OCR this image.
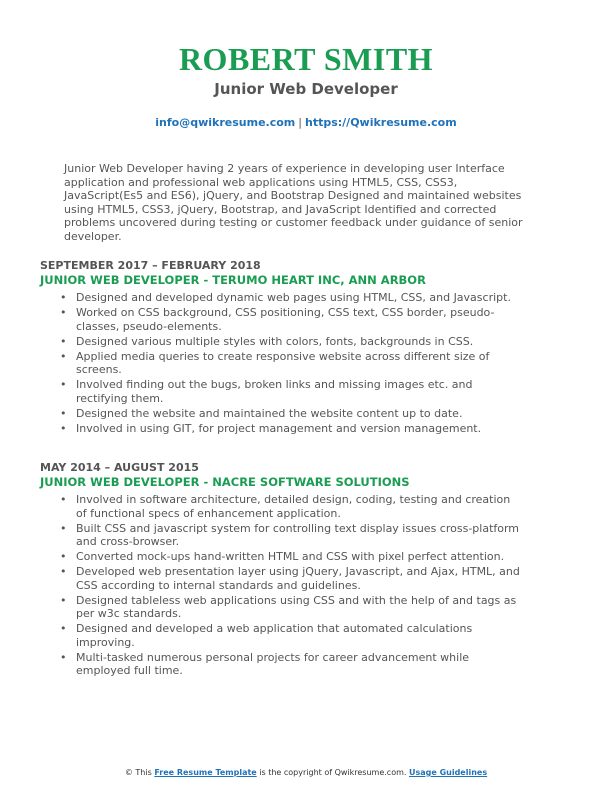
ROBERT SMITH
Junior Web Developer
info@qwikresume.com | https://Qwikresume.com
Junior Web Developer having 2 years of experience in developing user Interface application and professional web applications using HTML5, CSS, CSS3, JavaScript(Es5 and ES6), jQuery, and Bootstrap Designed and maintained websites using HTML5, CSS3, jQuery, Bootstrap, and JavaScript Identified and corrected problems uncovered during testing or customer feedback under guidance of senior developer.
SEPTEMBER 2017 – FEBRUARY 2018
JUNIOR WEB DEVELOPER - TERUMO HEART INC, ANN ARBOR
• Designed and developed dynamic web pages using HTML, CSS, and Javascript.
• Worked on CSS background, CSS positioning, CSS text, CSS border, pseudo-classes, pseudo-elements.
• Designed various multiple styles with colors, fonts, backgrounds in CSS.
• Applied media queries to create responsive website across different size of screens.
• Involved finding out the bugs, broken links and missing images etc. and rectifying them.
• Designed the website and maintained the website content up to date.
• Involved in using GIT, for project management and version management.
MAY 2014 – AUGUST 2015
JUNIOR WEB DEVELOPER - NACRE SOFTWARE SOLUTIONS
• Involved in software architecture, detailed design, coding, testing and creation of functional specs of enhancement application.
• Built CSS and javascript system for controlling text display issues cross-platform and cross-browser.
• Converted mock-ups hand-written HTML and CSS with pixel perfect attention.
• Developed web presentation layer using jQuery, Javascript, and Ajax, HTML, and CSS according to internal standards and guidelines.
• Designed tableless web applications using CSS and with the help of and tags as per w3c standards.
• Designed and developed a web application that automated calculations improving.
• Multi-tasked numerous personal projects for career advancement while employed full time.
© This Free Resume Template is the copyright of Qwikresume.com. Usage Guidelines
